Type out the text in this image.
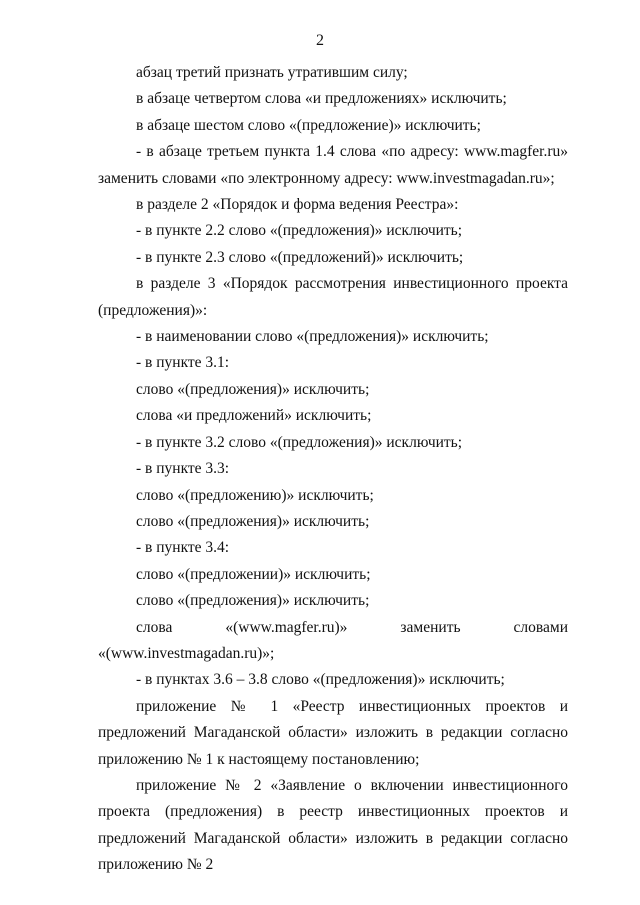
2

абзац третий признать утратившим силу;

в абзаце четвертом слова «и предложениях» исключить;

в абзаце шестом слово «(предложение)» исключить;

- в абзаце третьем пункта 1.4 слова «по адресу: www.magfer.ru» заменить словами «по электронному адресу: www.investmagadan.ru»;

в разделе 2 «Порядок и форма ведения Реестра»:

- в пункте 2.2 слово «(предложения)» исключить;

- в пункте 2.3 слово «(предложений)» исключить;

в разделе 3 «Порядок рассмотрения инвестиционного проекта (предложения)»:

- в наименовании слово «(предложения)» исключить;

- в пункте 3.1:

слово «(предложения)» исключить;

слова «и предложений» исключить;

- в пункте 3.2 слово «(предложения)» исключить;

- в пункте 3.3:

слово «(предложению)» исключить;

слово «(предложения)» исключить;

- в пункте 3.4:

слово «(предложении)» исключить;

слово «(предложения)» исключить;

слова	«(www.magfer.ru)»	заменить	словами

«(www.investmagadan.ru)»;

- в пунктах 3.6 – 3.8 слово «(предложения)» исключить;

приложение № 1 «Реестр инвестиционных проектов и предложений Магаданской области» изложить в редакции согласно приложению № 1 к настоящему постановлению;

приложение № 2 «Заявление о включении инвестиционного проекта (предложения) в реестр инвестиционных проектов и предложений Магаданской области» изложить в редакции согласно приложению № 2
